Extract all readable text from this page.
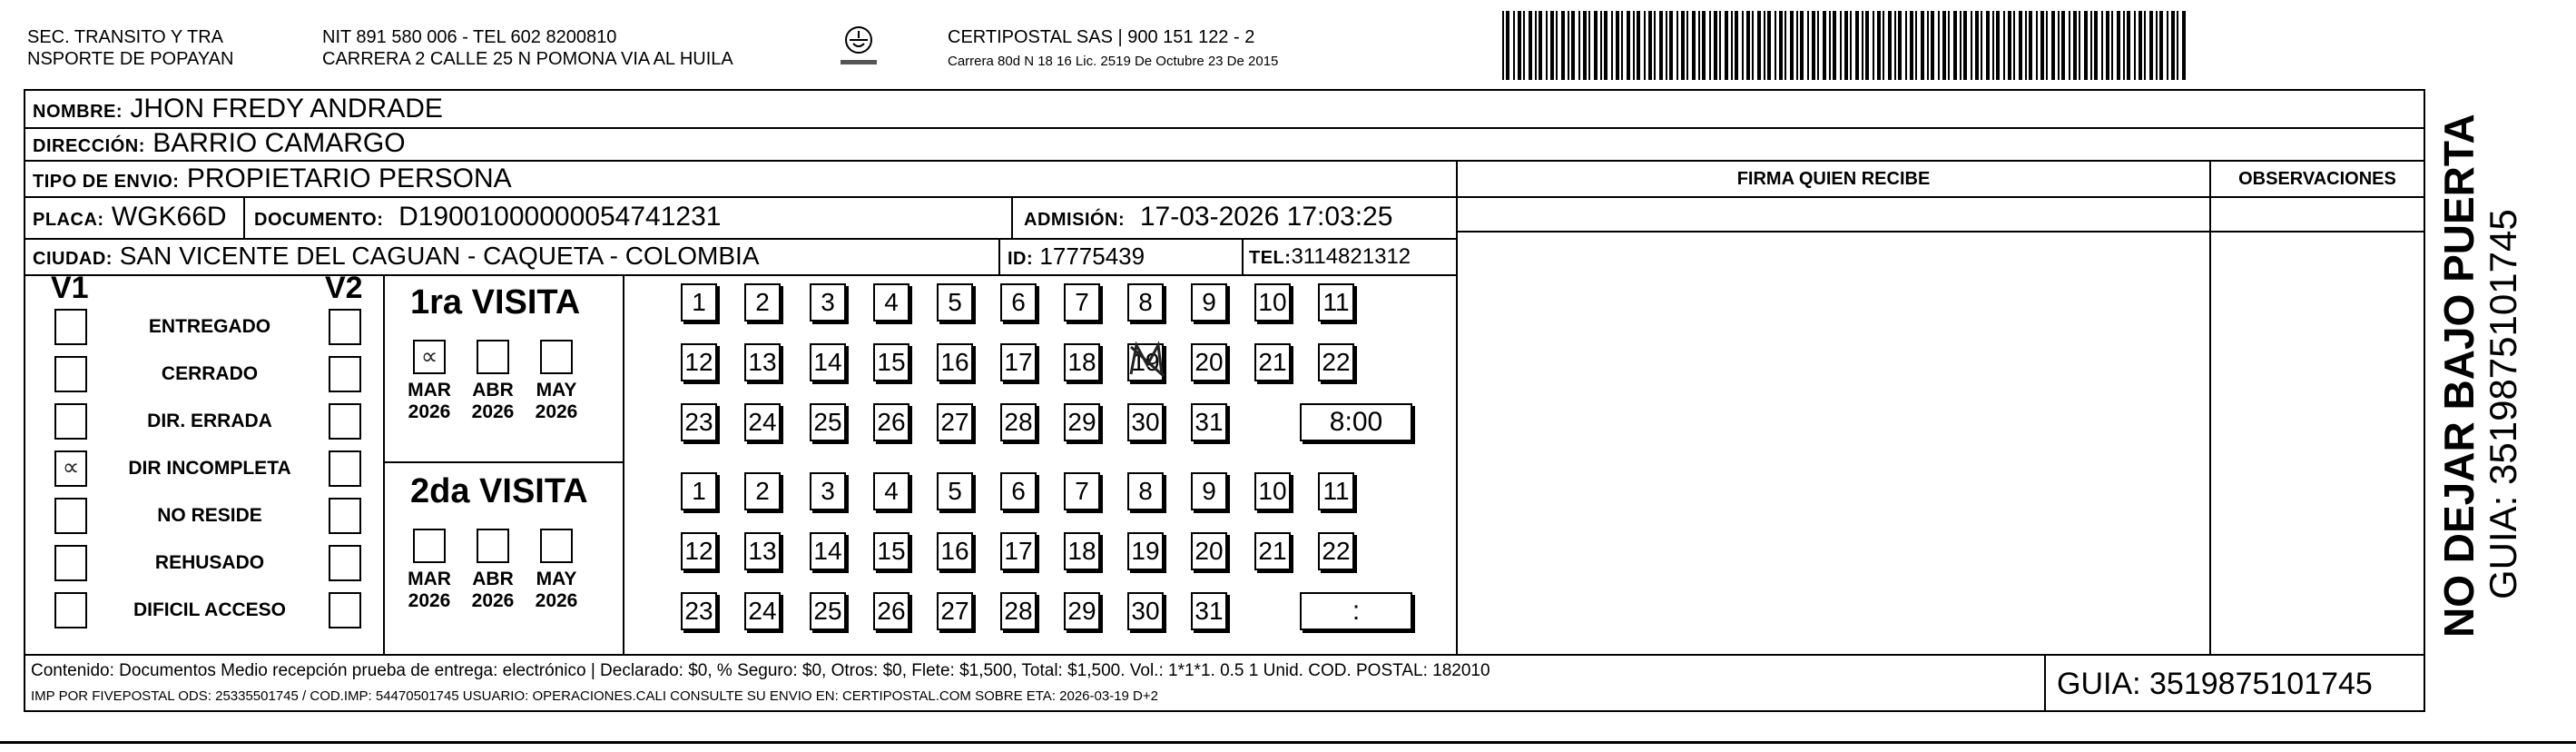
SEC. TRANSITO Y TRA
NSPORTE DE POPAYAN
NIT 891 580 006 - TEL 602 8200810
CARRERA 2 CALLE 25 N POMONA VIA AL HUILA
CERTIPOSTAL SAS | 900 151 122 - 2
Carrera 80d N 18 16 Lic. 2519 De Octubre 23 De 2015
NOMBRE: JHON FREDY ANDRADE
DIRECCIÓN: BARRIO CAMARGO
TIPO DE ENVIO: PROPIETARIO PERSONA
PLACA: WGK66D DOCUMENTO: D19001000000054741231	ADMISIÓN: 17-03-2026 17:03:25
CIUDAD: SAN VICENTE DEL CAGUAN - CAQUETA - COLOMBIA	ID: 17775439	TEL:3114821312
FIRMA QUIEN RECIBE	OBSERVACIONES
V1	V2
ENTREGADO
CERRADO
DIR. ERRADA
∝	DIR INCOMPLETA
NO RESIDE
REHUSADO
DIFICIL ACCESO
1ra VISITA
2da VISITA
∝
MAR
2026
ABR
2026
MAY
2026
1	2	3	4	5	6	7	8	9	10 11
12 13 14 15 16 17 18 19 20 21 22
23 24 25 26 27 28 29 30 31	8:00
MAR
2026
ABR
2026
MAY
2026
1	2	3	4	5	6	7	8	9	10 11
12 13 14 15 16 17 18 19 20 21 22
23 24 25 26 27 28 29 30 31	:
Contenido: Documentos Medio recepción prueba de entrega: electrónico | Declarado: $0, % Seguro: $0, Otros: $0, Flete: $1,500, Total: $1,500. Vol.: 1*1*1. 0.5 1 Unid. COD. POSTAL: 182010
IMP POR FIVEPOSTAL ODS: 25335501745 / COD.IMP: 54470501745 USUARIO: OPERACIONES.CALI CONSULTE SU ENVIO EN: CERTIPOSTAL.COM SOBRE ETA: 2026-03-19 D+2	GUIA: 3519875101745
NO DEJAR BAJO PUERTA GUIA: 3519875101745
